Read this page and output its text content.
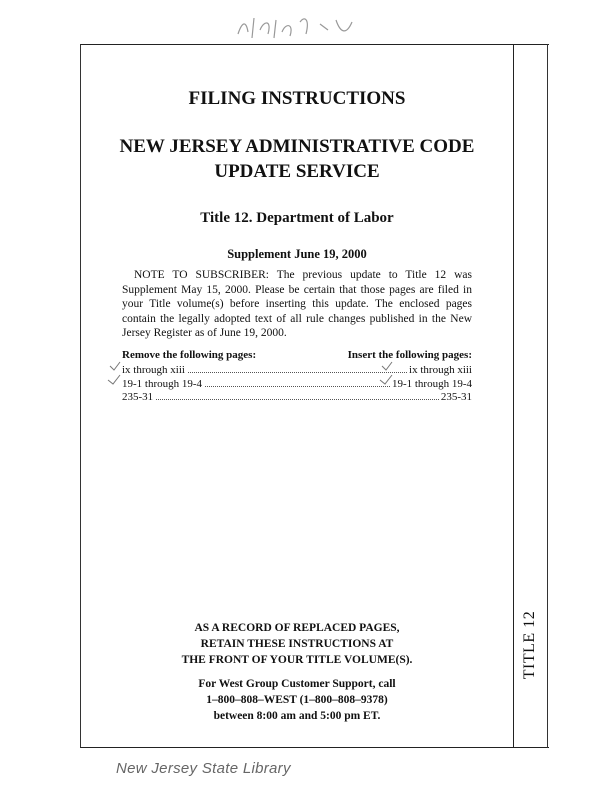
TITLE 12
FILING INSTRUCTIONS
NEW JERSEY ADMINISTRATIVE CODE
UPDATE SERVICE
Title 12. Department of Labor
Supplement June 19, 2000
NOTE TO SUBSCRIBER: The previous update to Title 12 was Supplement May 15, 2000. Please be certain that those pages are filed in your Title volume(s) before inserting this update. The enclosed pages contain the legally adopted text of all rule changes published in the New Jersey Register as of June 19, 2000.
Remove the following pages:	Insert the following pages:
ix through xiii	ix through xiii
19-1 through 19-4	19-1 through 19-4
235-31	235-31
AS A RECORD OF REPLACED PAGES,
RETAIN THESE INSTRUCTIONS AT
THE FRONT OF YOUR TITLE VOLUME(S).
For West Group Customer Support, call
1–800–808–WEST (1–800–808–9378)
between 8:00 am and 5:00 pm ET.
New Jersey State Library
